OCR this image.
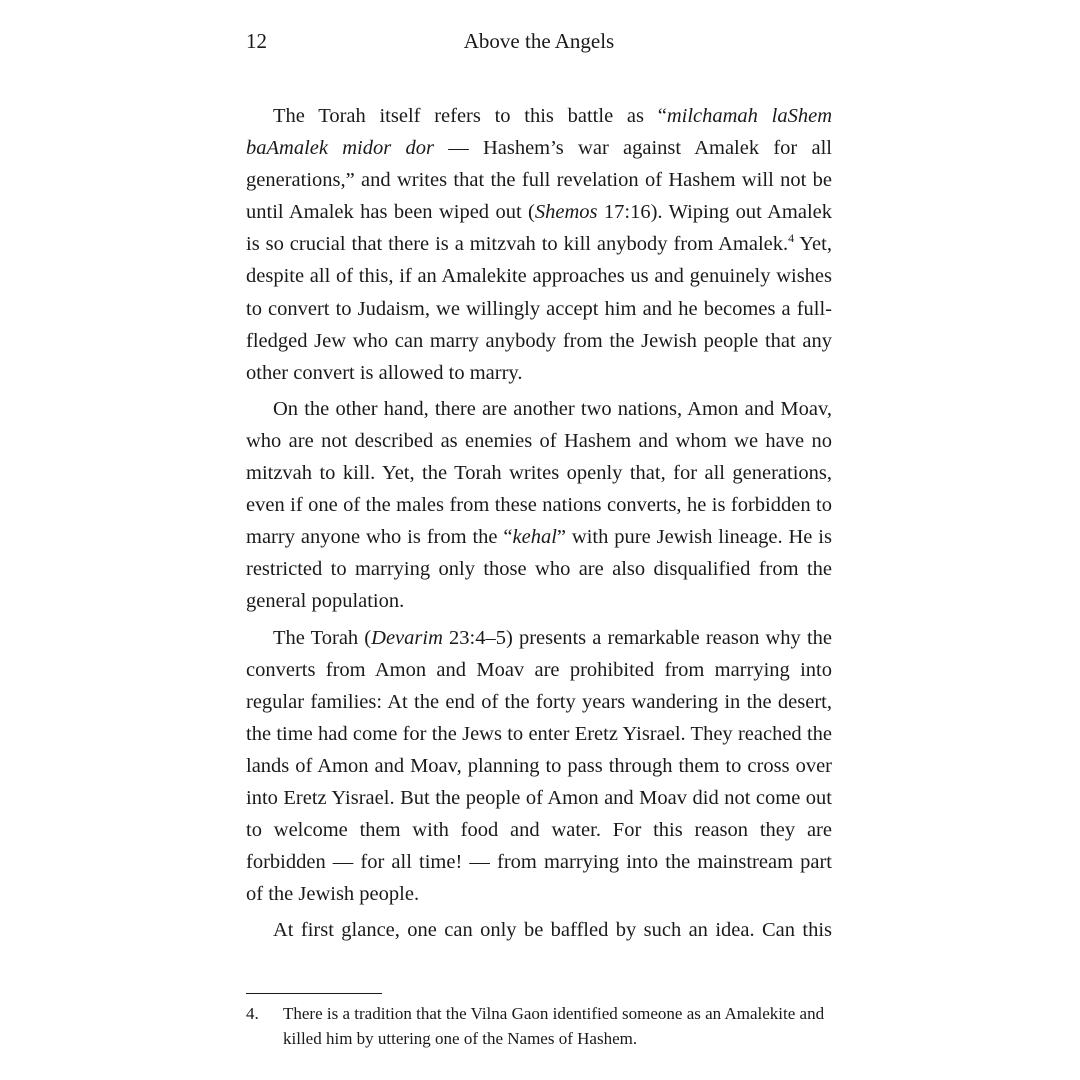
12	Above the Angels

The Torah itself refers to this battle as “milchamah laShem baAmalek midor dor — Hashem’s war against Amalek for all generations,” and writes that the full revelation of Hashem will not be until Amalek has been wiped out (Shemos 17:16). Wiping out Amalek is so crucial that there is a mitzvah to kill anybody from Amalek.$^4$ Yet, despite all of this, if an Amalekite approaches us and genuinely wishes to convert to Judaism, we willingly accept him and he becomes a full-fledged Jew who can marry anybody from the Jewish people that any other convert is allowed to marry.

On the other hand, there are another two nations, Amon and Moav, who are not described as enemies of Hashem and whom we have no mitzvah to kill. Yet, the Torah writes openly that, for all generations, even if one of the males from these nations converts, he is forbidden to marry anyone who is from the “kehal” with pure Jewish lineage. He is restricted to marrying only those who are also disqualified from the general population.

The Torah (Devarim 23:4–5) presents a remarkable reason why the converts from Amon and Moav are prohibited from marrying into regular families: At the end of the forty years wandering in the desert, the time had come for the Jews to enter Eretz Yisrael. They reached the lands of Amon and Moav, planning to pass through them to cross over into Eretz Yisrael. But the people of Amon and Moav did not come out to welcome them with food and water. For this reason they are forbidden — for all time! — from marrying into the mainstream part of the Jewish people.

At first glance, one can only be baffled by such an idea. Can this

4. There is a tradition that the Vilna Gaon identified someone as an Amalekite and killed him by uttering one of the Names of Hashem.
